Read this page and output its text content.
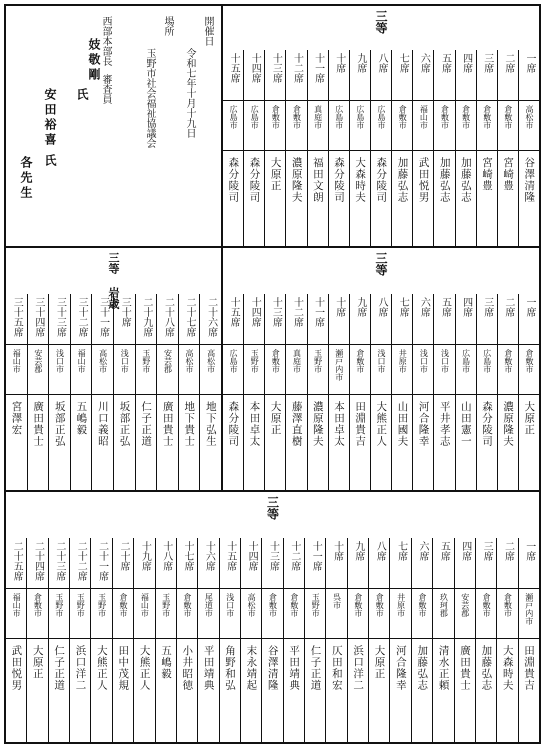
開催日
令和七年十月十九日
場所
玉野市社会福祉協議会
西部本部長
審査員
妓敬剛
氏
安田裕喜
氏
各先生
三等
十五席
広島市
森分陵司
十四席
広島市
森分陵司
十三席
倉敷市
大原正
十二席
倉敷市
濃原隆夫
十一席
真庭市
福田文朗
十席
広島市
森分陵司
九席
広島市
大森時夫
八席
広島市
森分陵司
七席
倉敷市
加藤弘志
六席
福山市
武田悦男
五席
倉敷市
加藤弘志
四席
倉敷市
加藤弘志
三席
倉敷市
宮崎豊
二席
倉敷市
宮崎豊
一席
高松市
谷澤清隆
三等 岩歳
三十五席
福山市
宮澤宏
三十四席
安芸郡
廣田貴士
三十三席
浅口市
坂部正弘
三十二席
福山市
五嶋毅
三十一席
高松市
川口義昭
三十席
浅口市
坂部正弘
二十九席
玉野市
仁子正道
二十八席
安芸郡
廣田貴士
二十七席
高松市
地下貴士
二十六席
高松市
地下弘生
三等
十五席
広島市
森分陵司
十四席
玉野市
本田卓太
十三席
倉敷市
大原正
十二席
真庭市
藤澤直樹
十一席
玉野市
濃原隆夫
十席
瀬戸内市
本田卓太
九席
倉敷市
田淵貴吉
八席
浅口市
大熊正人
七席
井原市
山田國夫
六席
浅口市
河合隆幸
五席
浅口市
平井孝志
四席
広島市
山田憲一
三席
広島市
森分陵司
二席
倉敷市
濃原隆夫
一席
倉敷市
大原正
三等
二十五席
福山市
武田悦男
二十四席
倉敷市
大原正
二十三席
玉野市
仁子正道
二十二席
玉野市
浜口洋二
二十一席
玉野市
大熊正人
二十席
倉敷市
田中茂規
十九席
福山市
大熊正人
十八席
玉野市
五嶋毅
十七席
倉敷市
小井昭徳
十六席
尾道市
平田靖典
十五席
浅口市
角野和弘
十四席
高松市
末永靖起
十三席
倉敷市
谷澤清隆
十二席
倉敷市
平田靖典
十一席
玉野市
仁子正道
十席
呉市
仄田和宏
九席
倉敷市
浜口洋二
八席
倉敷市
大原正
七席
井原市
河合隆幸
六席
倉敷市
加藤弘志
五席
玖珂郡
清水正頼
四席
安芸郡
廣田貴士
三席
倉敷市
加藤弘志
二席
倉敷市
大森時夫
一席
瀬戸内市
田淵貴吉
